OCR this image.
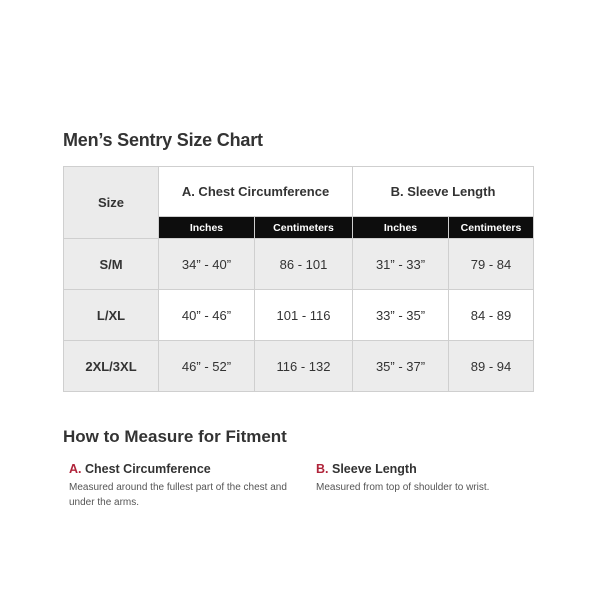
Men’s Sentry Size Chart
Size	A. Chest Circumference		B. Sleeve Length	
	Inches	Centimeters	Inches	Centimeters
S/M	34” - 40”	86 - 101	31” - 33”	79 - 84
L/XL	40” - 46”	101 - 116	33” - 35”	84 - 89
2XL/3XL	46” - 52”	116 - 132	35” - 37”	89 - 94
How to Measure for Fitment
A. Chest Circumference
Measured around the fullest part of the chest and under the arms.
B. Sleeve Length
Measured from top of shoulder to wrist.
